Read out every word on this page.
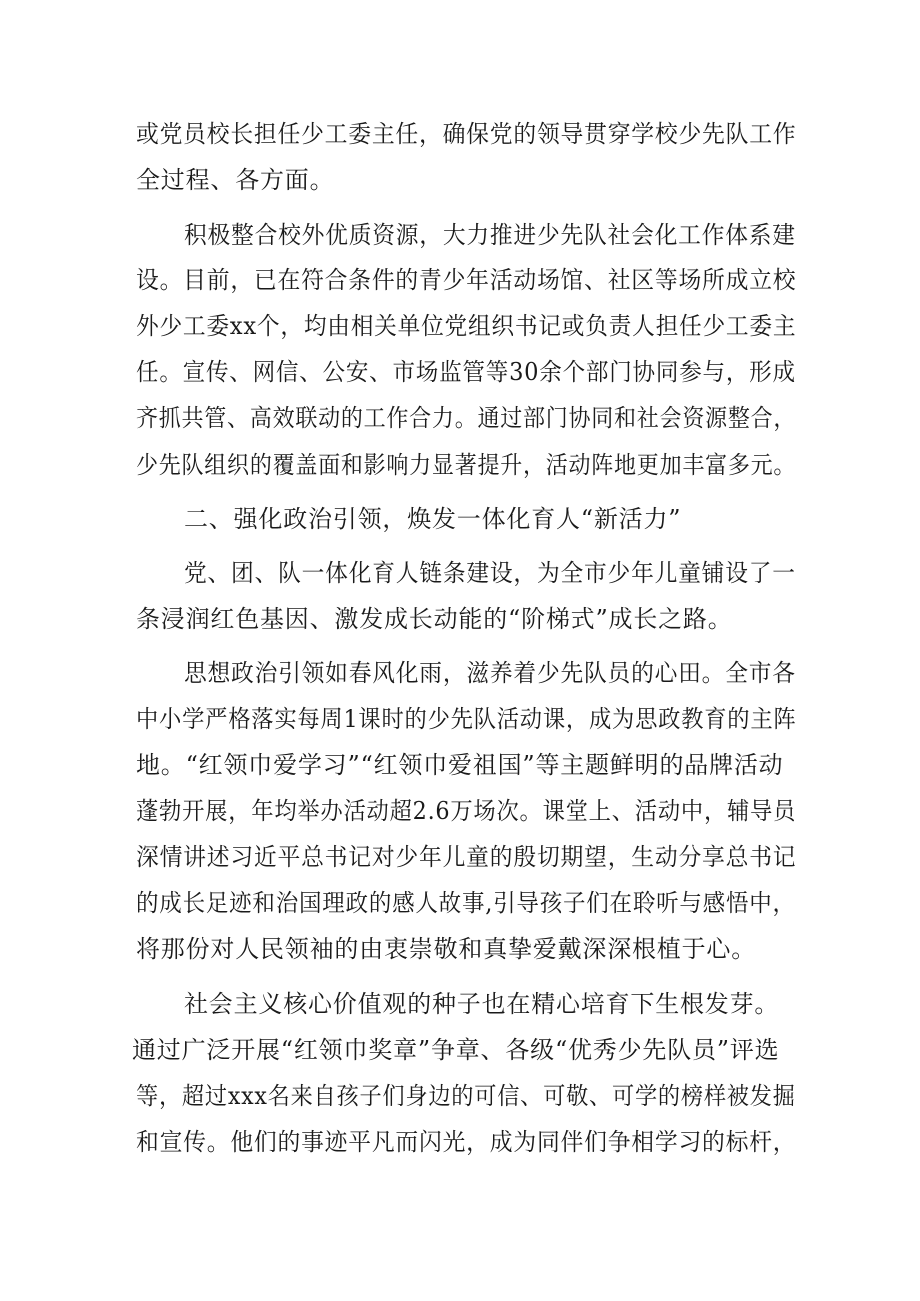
或党员校长担任少工委主任，确保党的领导贯穿学校少先队工作
全过程、各方面。
积极整合校外优质资源，大力推进少先队社会化工作体系建
设。目前，已在符合条件的青少年活动场馆、社区等场所成立校
外少工委xx个，均由相关单位党组织书记或负责人担任少工委主
任。宣传、网信、公安、市场监管等30余个部门协同参与，形成
齐抓共管、高效联动的工作合力。通过部门协同和社会资源整合，
少先队组织的覆盖面和影响力显著提升，活动阵地更加丰富多元。
二、强化政治引领，焕发一体化育人“新活力”
党、团、队一体化育人链条建设，为全市少年儿童铺设了一
条浸润红色基因、激发成长动能的“阶梯式”成长之路。
思想政治引领如春风化雨，滋养着少先队员的心田。全市各
中小学严格落实每周1课时的少先队活动课，成为思政教育的主阵
地。“红领巾爱学习”“红领巾爱祖国”等主题鲜明的品牌活动
蓬勃开展，年均举办活动超2.6万场次。课堂上、活动中，辅导员
深情讲述习近平总书记对少年儿童的殷切期望，生动分享总书记
的成长足迹和治国理政的感人故事,引导孩子们在聆听与感悟中，
将那份对人民领袖的由衷崇敬和真挚爱戴深深根植于心。
社会主义核心价值观的种子也在精心培育下生根发芽。
通过广泛开展“红领巾奖章”争章、各级“优秀少先队员”评选
等，超过xxx名来自孩子们身边的可信、可敬、可学的榜样被发掘
和宣传。他们的事迹平凡而闪光，成为同伴们争相学习的标杆，
